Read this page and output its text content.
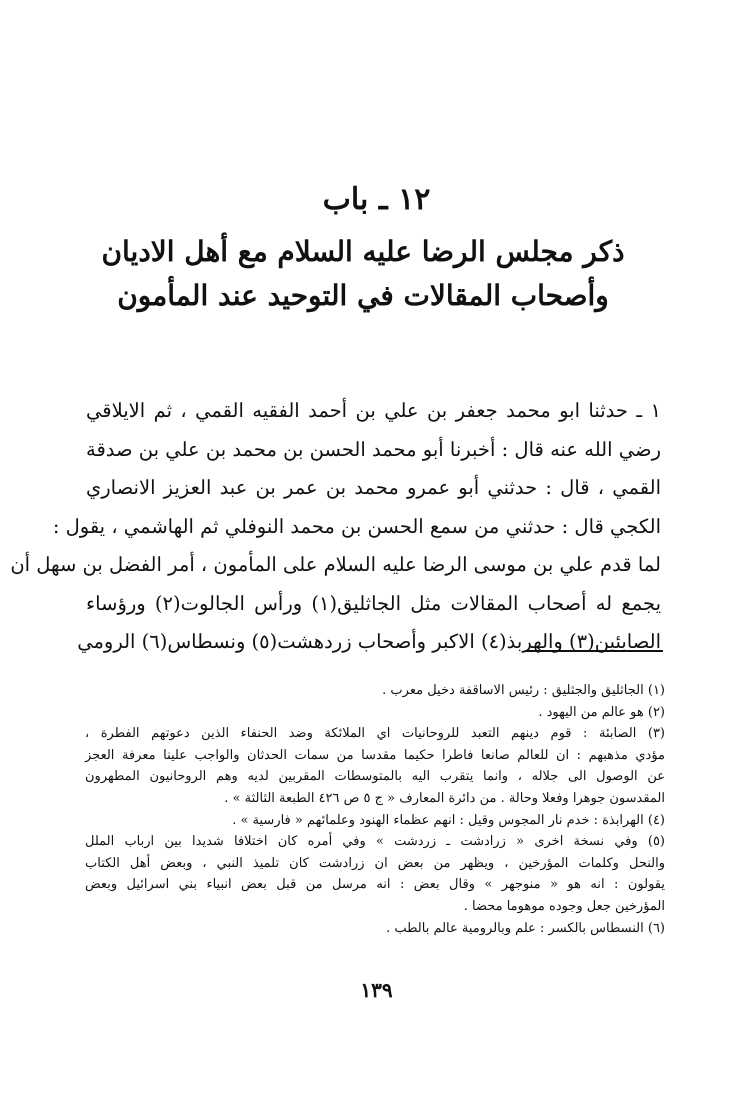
١٢ ـ باب
ذكر مجلس الرضا عليه السلام مع أهل الاديان
وأصحاب المقالات في التوحيد عند المأمون
١ ـ حدثنا ابو محمد جعفر بن علي بن أحمد الفقيه القمي ، ثم الايلاقي
رضي الله عنه قال : أخبرنا أبو محمد الحسن بن محمد بن علي بن صدقة
القمي ، قال : حدثني أبو عمرو محمد بن عمر بن عبد العزيز الانصاري
الكجي قال : حدثني من سمع الحسن بن محمد النوفلي ثم الهاشمي ، يقول :
لما قدم علي بن موسى الرضا عليه السلام على المأمون ، أمر الفضل بن سهل أن
يجمع له أصحاب المقالات مثل الجاثليق(١) ورأس الجالوت(٢) ورؤساء
الصابئين(٣) والهربذ(٤) الاكبر وأصحاب زردهشت(٥) ونسطاس(٦) الرومي
(١) الجاثليق والجثليق : رئيس الاساقفة دخيل معرب .
(٢) هو عالم من اليهود .
(٣) الصابئة : قوم دينهم التعبد للروحانيات اي الملائكة وضد الحنفاء الذين دعوتهم الفطرة ،
مؤدي مذهبهم : ان للعالم صانعا فاطرا حكيما مقدسا من سمات الحدثان والواجب علينا معرفة العجز
عن الوصول الى جلاله ، وانما يتقرب اليه بالمتوسطات المقربين لديه وهم الروحانيون المطهرون
المقدسون جوهرا وفعلا وحالة . من دائرة المعارف « ج ٥ ص ٤٢٦ الطبعة الثالثة » .
(٤) الهرابذة : خدم نار المجوس وقيل : انهم عظماء الهنود وعلمائهم « فارسية » .
(٥) وفي نسخة اخرى « زرادشت ـ زردشت » وفي أمره كان اختلافا شديدا بين ارباب الملل
والنحل وكلمات المؤرخين ، ويظهر من بعض ان زرادشت كان تلميذ النبي ، وبعض أهل الكتاب
يقولون : انه هو « منوجهر » وقال بعض : انه مرسل من قبل بعض انبياء بني اسرائيل وبعض
المؤرخين جعل وجوده موهوما محضا .
(٦) النسطاس بالكسر : علم وبالرومية عالم بالطب .
١٣٩
